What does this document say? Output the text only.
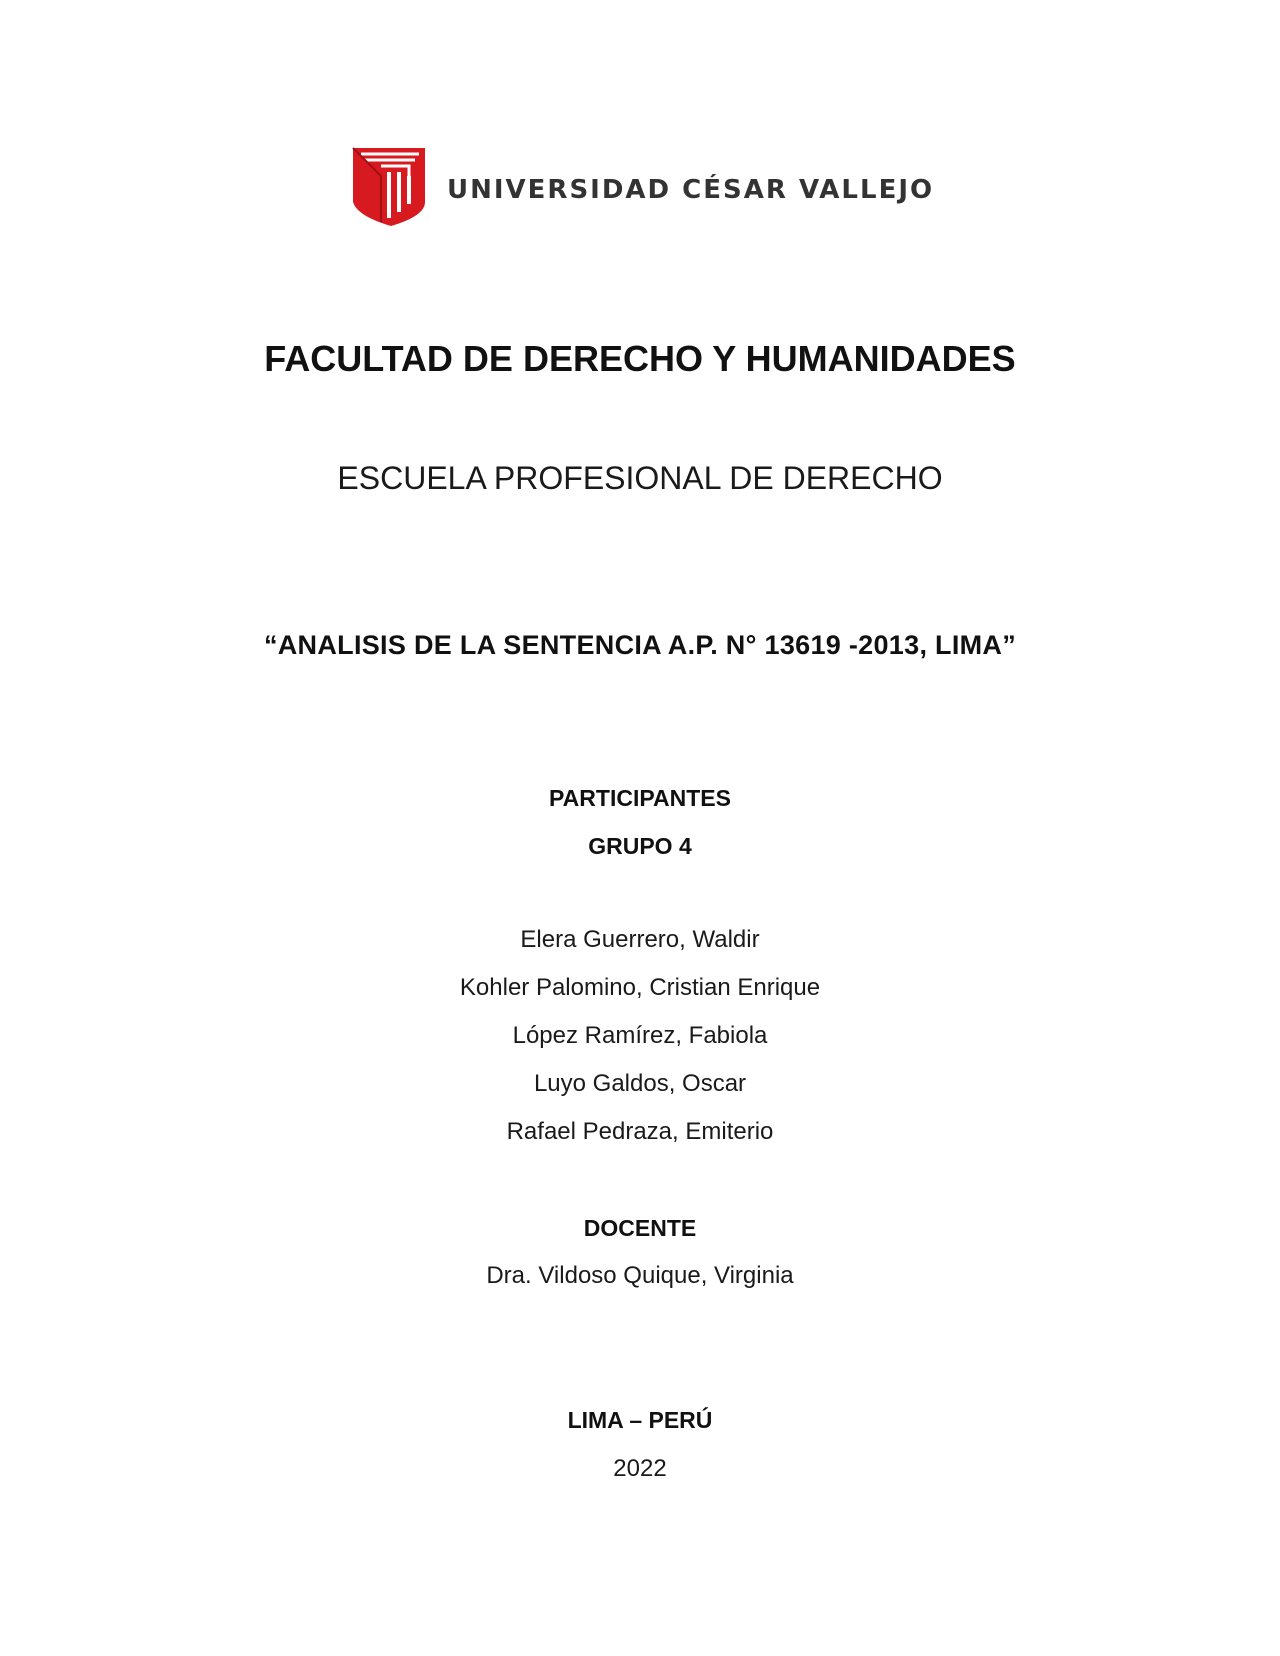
UNIVERSIDAD CÉSAR VALLEJO
FACULTAD DE DERECHO Y HUMANIDADES
ESCUELA PROFESIONAL DE DERECHO
“ANALISIS DE LA SENTENCIA A.P. N° 13619 -2013, LIMA”
PARTICIPANTES
GRUPO 4
Elera Guerrero, Waldir
Kohler Palomino, Cristian Enrique
López Ramírez, Fabiola
Luyo Galdos, Oscar
Rafael Pedraza, Emiterio
DOCENTE
Dra. Vildoso Quique, Virginia
LIMA – PERÚ
2022
